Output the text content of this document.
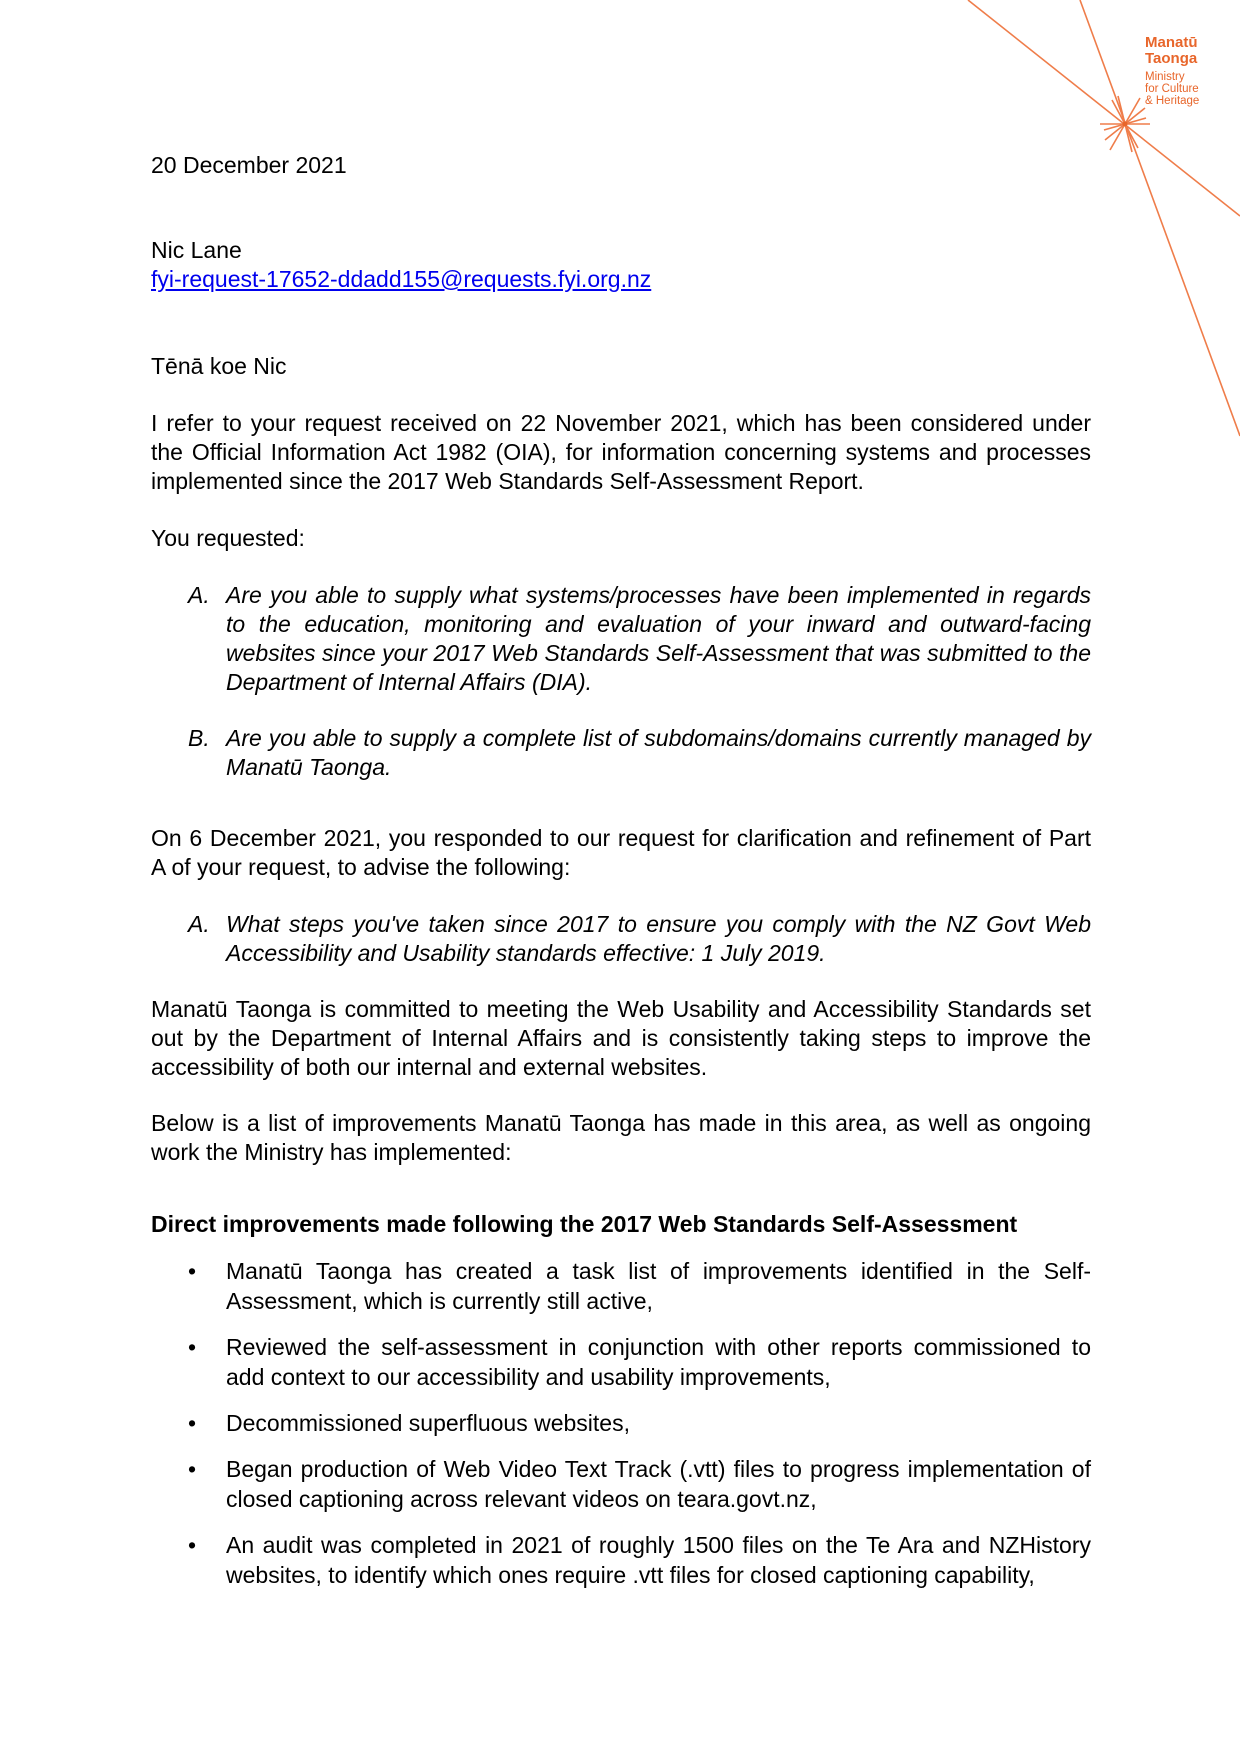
Manatū
Taonga
Ministry
for Culture
& Heritage

20 December 2021

Nic Lane

fyi-request-17652-ddadd155@requests.fyi.org.nz

Tēnā koe Nic

I refer to your request received on 22 November 2021, which has been considered under the Official Information Act 1982 (OIA), for information concerning systems and processes implemented since the 2017 Web Standards Self-Assessment Report.

You requested:

A. Are you able to supply what systems/processes have been implemented in regards to the education, monitoring and evaluation of your inward and outward-facing websites since your 2017 Web Standards Self-Assessment that was submitted to the Department of Internal Affairs (DIA).
B. Are you able to supply a complete list of subdomains/domains currently managed by Manatū Taonga.

On 6 December 2021, you responded to our request for clarification and refinement of Part A of your request, to advise the following:

A. What steps you've taken since 2017 to ensure you comply with the NZ Govt Web Accessibility and Usability standards effective: 1 July 2019.

Manatū Taonga is committed to meeting the Web Usability and Accessibility Standards set out by the Department of Internal Affairs and is consistently taking steps to improve the accessibility of both our internal and external websites.

Below is a list of improvements Manatū Taonga has made in this area, as well as ongoing work the Ministry has implemented:

Direct improvements made following the 2017 Web Standards Self-Assessment

•	Manatū Taonga has created a task list of improvements identified in the Self-Assessment, which is currently still active,
•	Reviewed the self-assessment in conjunction with other reports commissioned to add context to our accessibility and usability improvements,
•	Decommissioned superfluous websites,
•	Began production of Web Video Text Track (.vtt) files to progress implementation of closed captioning across relevant videos on teara.govt.nz,
•	An audit was completed in 2021 of roughly 1500 files on the Te Ara and NZHistory websites, to identify which ones require .vtt files for closed captioning capability,
